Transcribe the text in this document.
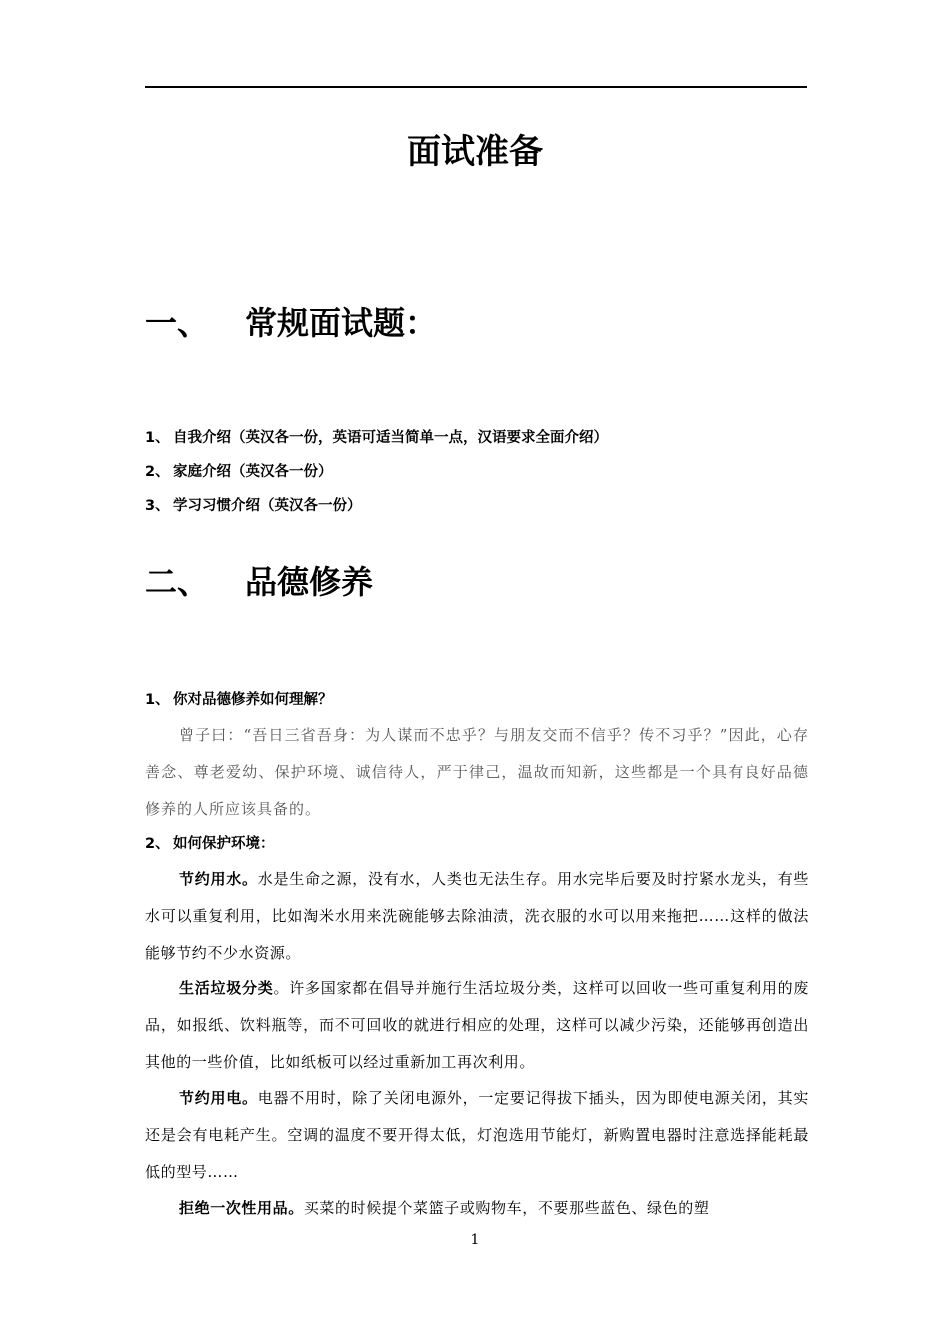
面试准备
一、 常规面试题：

1、 自我介绍（英汉各一份，英语可适当简单一点，汉语要求全面介绍）

2、 家庭介绍（英汉各一份）

3、 学习习惯介绍（英汉各一份）

二、 品德修养

1、 你对品德修养如何理解？

曾子曰：“吾日三省吾身：为人谋而不忠乎？与朋友交而不信乎？传不习乎？”因此，心存善念、尊老爱幼、保护环境、诚信待人，严于律己，温故而知新，这些都是一个具有良好品德修养的人所应该具备的。

2、 如何保护环境：

节约用水。水是生命之源，没有水，人类也无法生存。用水完毕后要及时拧紧水龙头，有些水可以重复利用，比如淘米水用来洗碗能够去除油渍，洗衣服的水可以用来拖把……这样的做法能够节约不少水资源。

生活垃圾分类。许多国家都在倡导并施行生活垃圾分类，这样可以回收一些可重复利用的废品，如报纸、饮料瓶等，而不可回收的就进行相应的处理，这样可以减少污染，还能够再创造出其他的一些价值，比如纸板可以经过重新加工再次利用。

节约用电。电器不用时，除了关闭电源外，一定要记得拔下插头，因为即使电源关闭，其实还是会有电耗产生。空调的温度不要开得太低，灯泡选用节能灯，新购置电器时注意选择能耗最低的型号……

拒绝一次性用品。买菜的时候提个菜篮子或购物车，不要那些蓝色、绿色的塑

1
